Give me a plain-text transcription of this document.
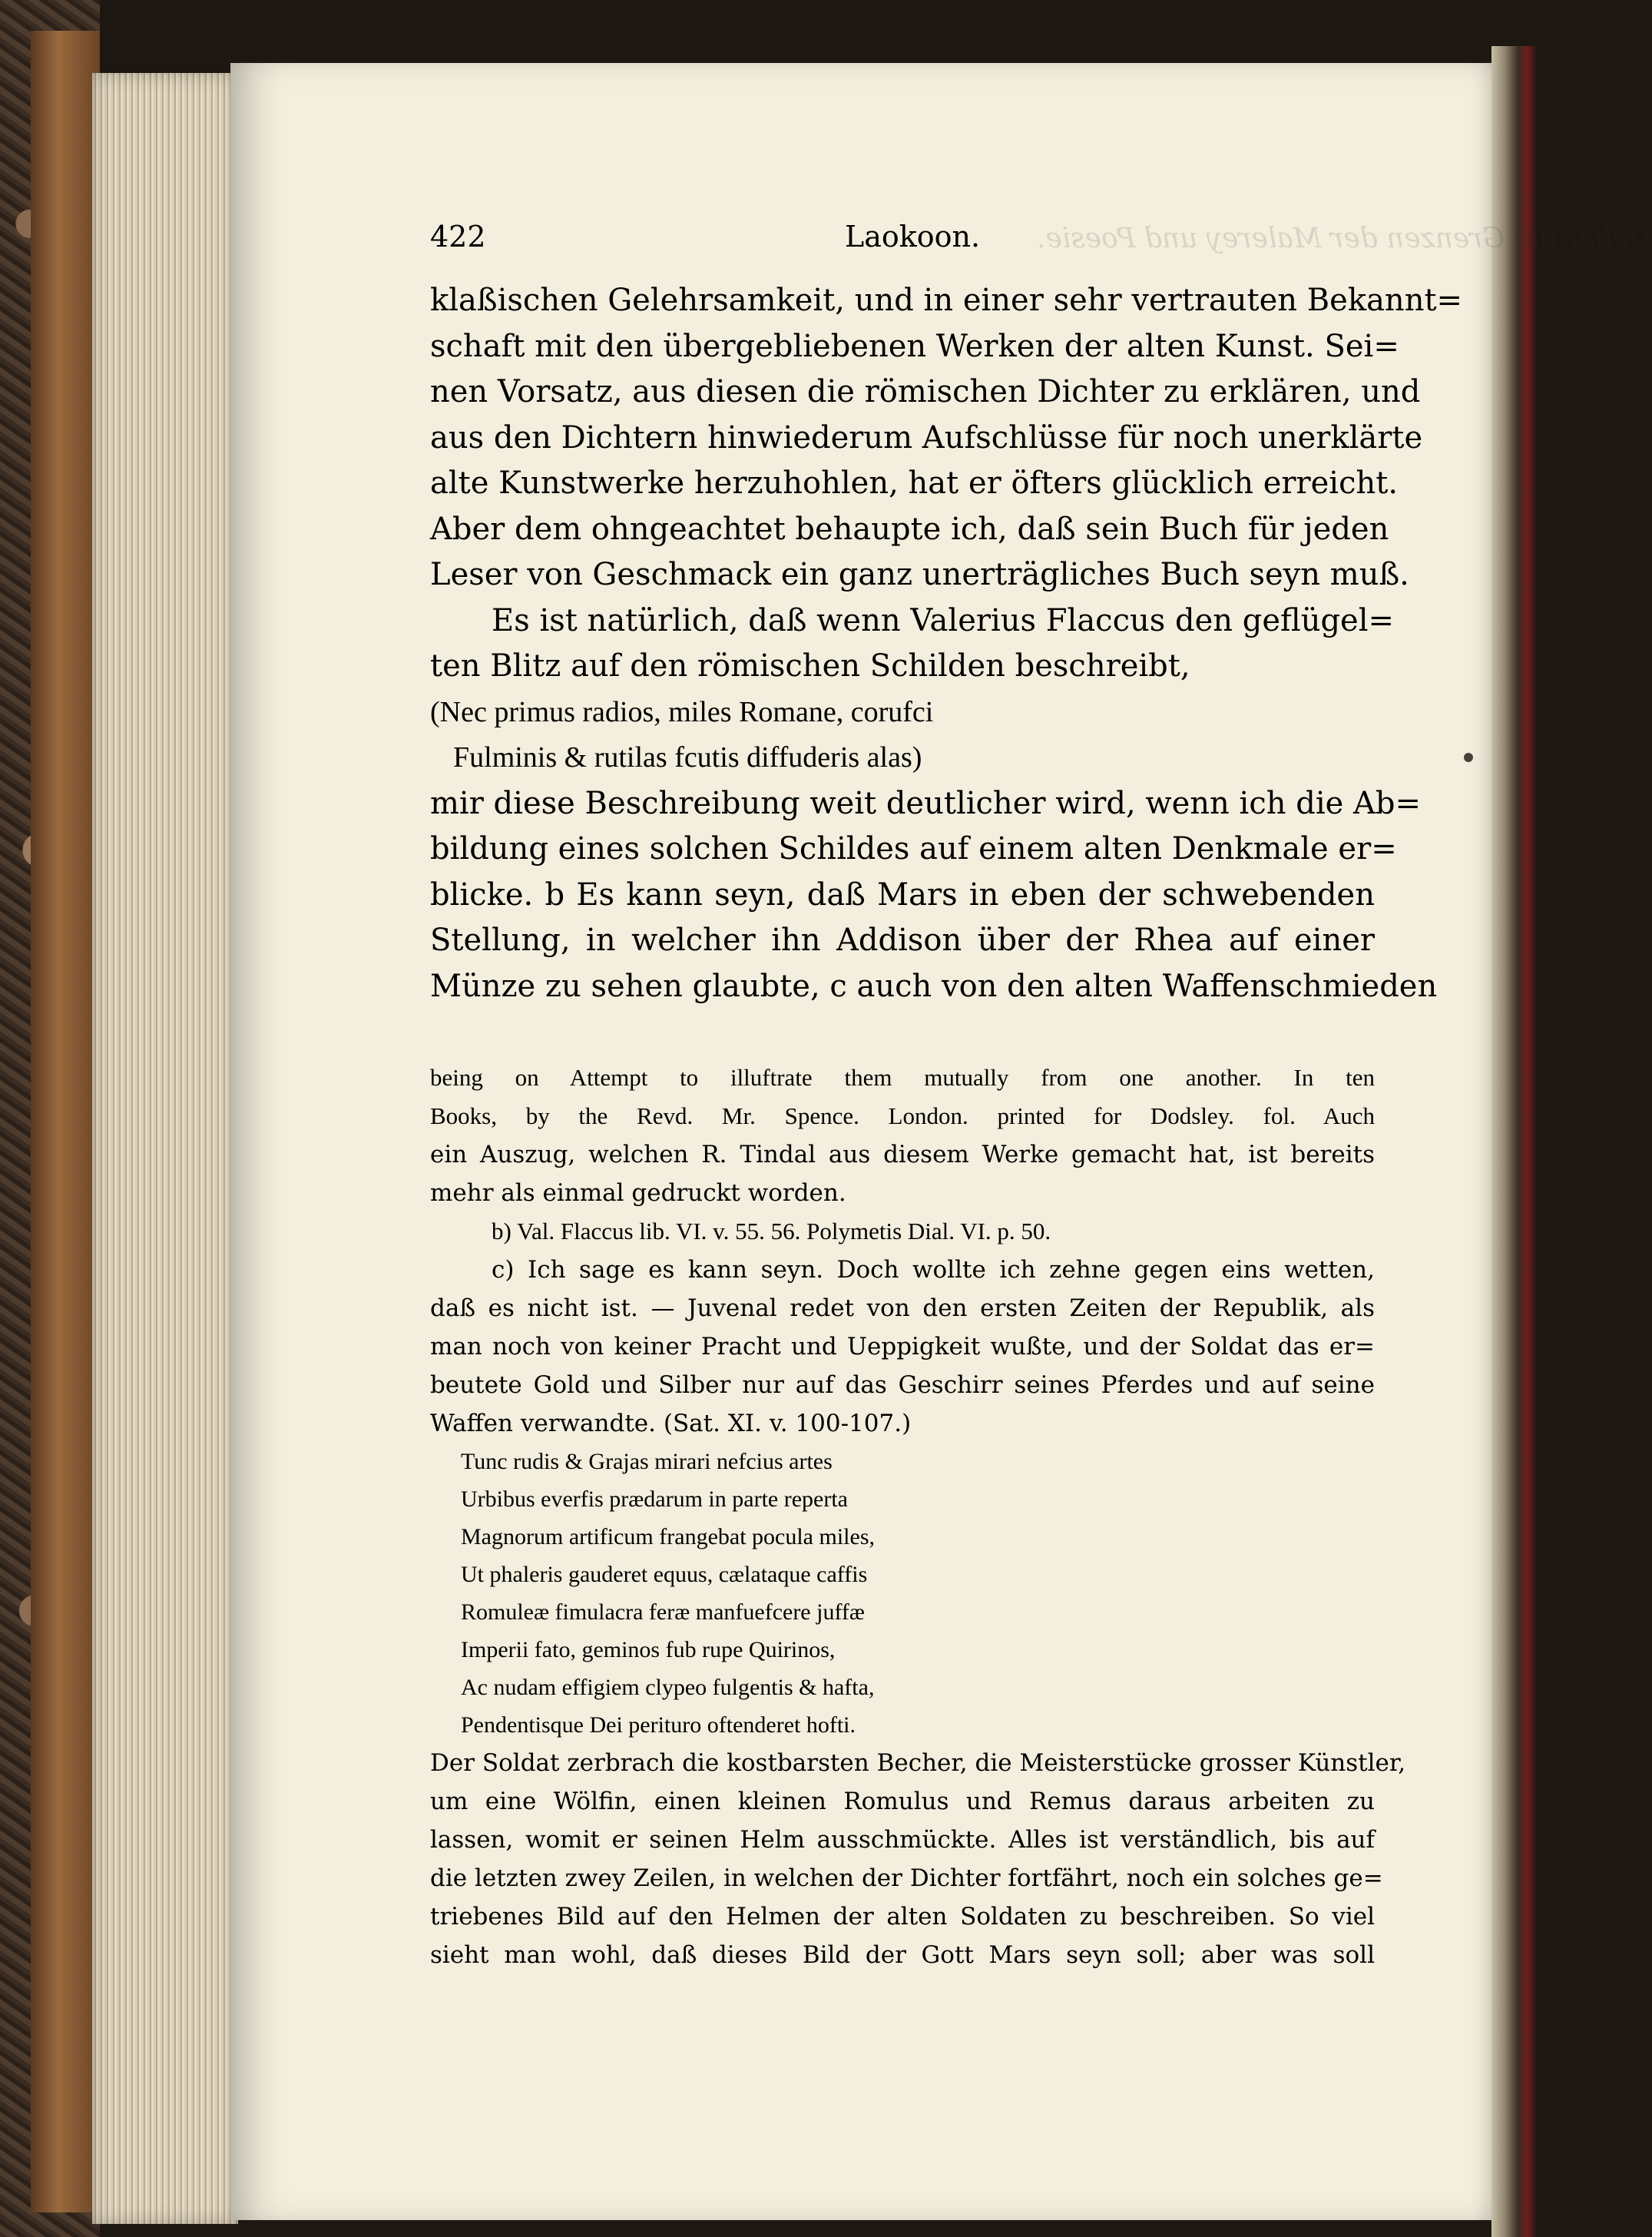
422	Laokoon. Ueber die Grenzen der Malerey und Poesie.
klaßischen Gelehrsamkeit, und in einer sehr vertrauten Bekannt=
schaft mit den übergebliebenen Werken der alten Kunst. Sei=
nen Vorsatz, aus diesen die römischen Dichter zu erklären, und
aus den Dichtern hinwiederum Aufschlüsse für noch unerklärte
alte Kunstwerke herzuhohlen, hat er öfters glücklich erreicht.
Aber dem ohngeachtet behaupte ich, daß sein Buch für jeden
Leser von Geschmack ein ganz unerträgliches Buch seyn muß.
Es ist natürlich, daß wenn Valerius Flaccus den geflügel=
ten Blitz auf den römischen Schilden beschreibt,
(Nec primus radios, miles Romane, corufci
Fulminis & rutilas fcutis diffuderis alas)
mir diese Beschreibung weit deutlicher wird, wenn ich die Ab=
bildung eines solchen Schildes auf einem alten Denkmale er=
blicke. b Es kann seyn, daß Mars in eben der schwebenden
Stellung, in welcher ihn Addison über der Rhea auf einer
Münze zu sehen glaubte, c auch von den alten Waffenschmieden
being on Attempt to illuftrate them mutually from one another. In ten
Books, by the Revd. Mr. Spence. London. printed for Dodsley. fol. Auch
ein Auszug, welchen R. Tindal aus diesem Werke gemacht hat, ist bereits
mehr als einmal gedruckt worden.
b) Val. Flaccus lib. VI. v. 55. 56. Polymetis Dial. VI. p. 50.
c) Ich sage es kann seyn. Doch wollte ich zehne gegen eins wetten,
daß es nicht ist. — Juvenal redet von den ersten Zeiten der Republik, als
man noch von keiner Pracht und Ueppigkeit wußte, und der Soldat das er=
beutete Gold und Silber nur auf das Geschirr seines Pferdes und auf seine
Waffen verwandte. (Sat. XI. v. 100-107.)
Tunc rudis & Grajas mirari nefcius artes
Urbibus everfis prædarum in parte reperta
Magnorum artificum frangebat pocula miles,
Ut phaleris gauderet equus, cælataque caffis
Romuleæ fimulacra feræ manfuefcere juffæ
Imperii fato, geminos fub rupe Quirinos,
Ac nudam effigiem clypeo fulgentis & hafta,
Pendentisque Dei perituro oftenderet hofti.
Der Soldat zerbrach die kostbarsten Becher, die Meisterstücke grosser Künstler,
um eine Wölfin, einen kleinen Romulus und Remus daraus arbeiten zu
lassen, womit er seinen Helm ausschmückte. Alles ist verständlich, bis auf
die letzten zwey Zeilen, in welchen der Dichter fortfährt, noch ein solches ge=
triebenes Bild auf den Helmen der alten Soldaten zu beschreiben. So viel
sieht man wohl, daß dieses Bild der Gott Mars seyn soll; aber was soll
